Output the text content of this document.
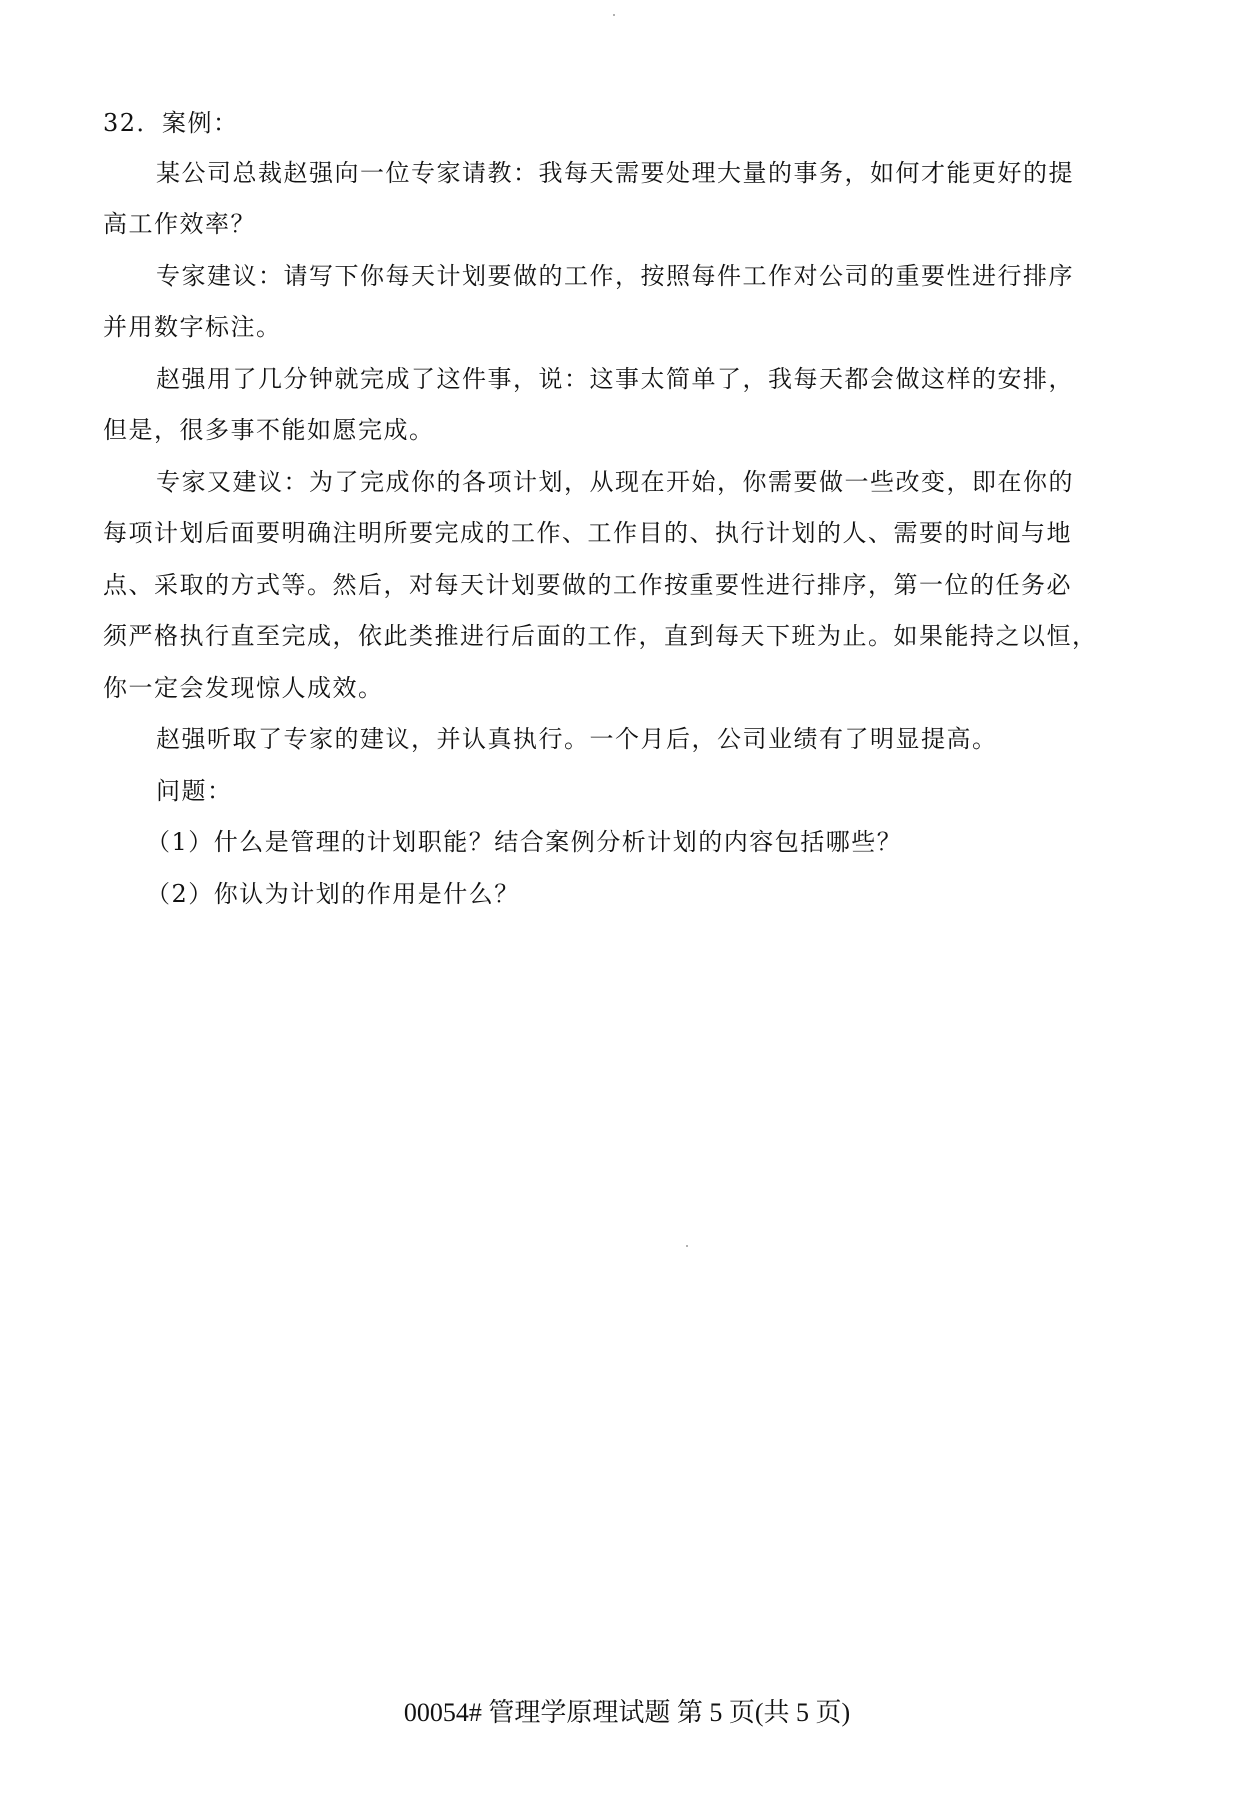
32．案例：
某公司总裁赵强向一位专家请教：我每天需要处理大量的事务，如何才能更好的提
高工作效率？
专家建议：请写下你每天计划要做的工作，按照每件工作对公司的重要性进行排序
并用数字标注。
赵强用了几分钟就完成了这件事，说：这事太简单了，我每天都会做这样的安排，
但是，很多事不能如愿完成。
专家又建议：为了完成你的各项计划，从现在开始，你需要做一些改变，即在你的
每项计划后面要明确注明所要完成的工作、工作目的、执行计划的人、需要的时间与地
点、采取的方式等。然后，对每天计划要做的工作按重要性进行排序，第一位的任务必
须严格执行直至完成，依此类推进行后面的工作，直到每天下班为止。如果能持之以恒，
你一定会发现惊人成效。
赵强听取了专家的建议，并认真执行。一个月后，公司业绩有了明显提高。
问题：
（1）什么是管理的计划职能？结合案例分析计划的内容包括哪些？
（2）你认为计划的作用是什么？
00054# 管理学原理试题 第 5 页(共 5 页)
